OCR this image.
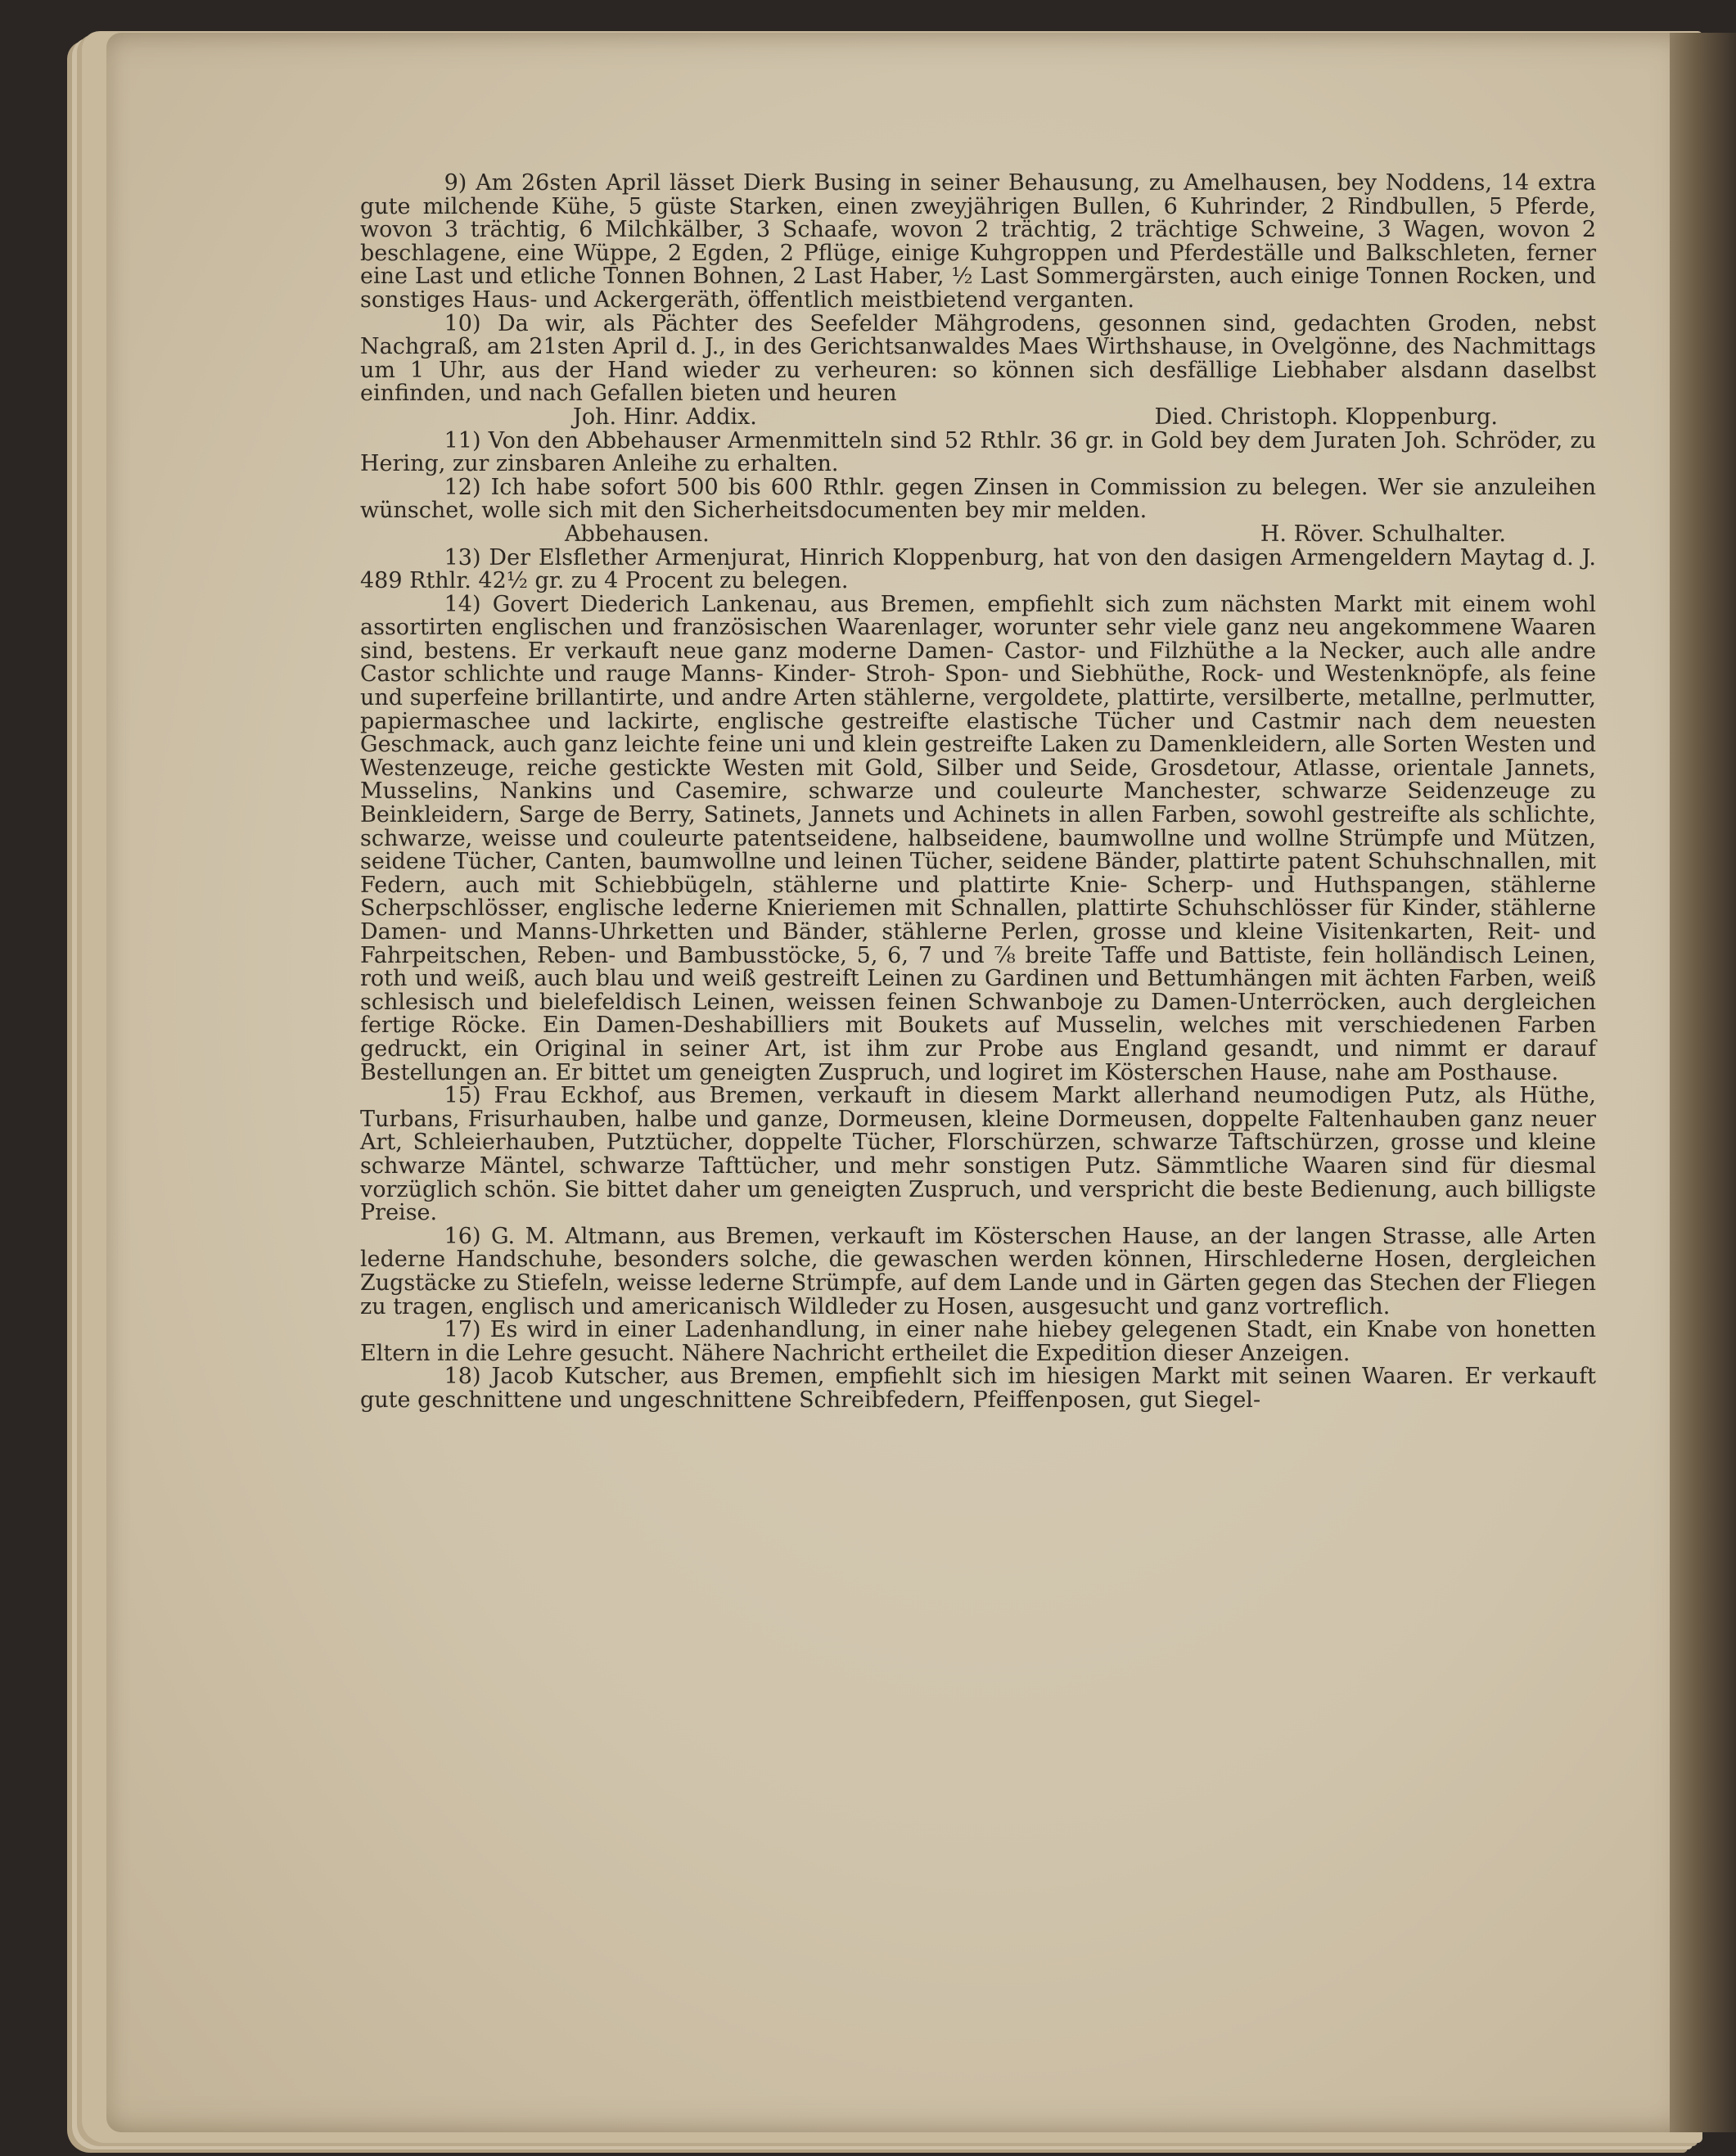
9) Am 26sten April lässet Dierk Busing in seiner Behausung, zu Amelhausen, bey Noddens, 14 extra gute milchende Kühe, 5 güste Starken, einen zweyjährigen Bullen, 6 Kuhrinder, 2 Rindbullen, 5 Pferde, wovon 3 trächtig, 6 Milchkälber, 3 Schaafe, wovon 2 trächtig, 2 trächtige Schweine, 3 Wagen, wovon 2 beschlagene, eine Wüppe, 2 Egden, 2 Pflüge, einige Kuhgroppen und Pferdeställe und Balkschleten, ferner eine Last und etliche Tonnen Bohnen, 2 Last Haber, ½ Last Sommergärsten, auch einige Tonnen Rocken, und sonstiges Haus- und Ackergeräth, öffentlich meistbietend verganten.

10) Da wir, als Pächter des Seefelder Mähgrodens, gesonnen sind, gedachten Groden, nebst Nachgraß, am 21sten April d. J., in des Gerichtsanwaldes Maes Wirthshause, in Ovelgönne, des Nachmittags um 1 Uhr, aus der Hand wieder zu verheuren: so können sich desfällige Liebhaber alsdann daselbst einfinden, und nach Gefallen bieten und heuren

Joh. Hinr. Addix.	Died. Christoph. Kloppenburg.

11) Von den Abbehauser Armenmitteln sind 52 Rthlr. 36 gr. in Gold bey dem Juraten Joh. Schröder, zu Hering, zur zinsbaren Anleihe zu erhalten.

12) Ich habe sofort 500 bis 600 Rthlr. gegen Zinsen in Commission zu belegen. Wer sie anzuleihen wünschet, wolle sich mit den Sicherheitsdocumenten bey mir melden.

Abbehausen.	H. Röver. Schulhalter.

13) Der Elsflether Armenjurat, Hinrich Kloppenburg, hat von den dasigen Armengeldern Maytag d. J. 489 Rthlr. 42½ gr. zu 4 Procent zu belegen.

14) Govert Diederich Lankenau, aus Bremen, empfiehlt sich zum nächsten Markt mit einem wohl assortirten englischen und französischen Waarenlager, worunter sehr viele ganz neu angekommene Waaren sind, bestens. Er verkauft neue ganz moderne Damen- Castor- und Filzhüthe a la Necker, auch alle andre Castor schlichte und rauge Manns- Kinder- Stroh- Spon- und Siebhüthe, Rock- und Westenknöpfe, als feine und superfeine brillantirte, und andre Arten stählerne, vergoldete, plattirte, versilberte, metallne, perlmutter, papiermaschee und lackirte, englische gestreifte elastische Tücher und Castmir nach dem neuesten Geschmack, auch ganz leichte feine uni und klein gestreifte Laken zu Damenkleidern, alle Sorten Westen und Westenzeuge, reiche gestickte Westen mit Gold, Silber und Seide, Grosdetour, Atlasse, orientale Jannets, Musselins, Nankins und Casemire, schwarze und couleurte Manchester, schwarze Seidenzeuge zu Beinkleidern, Sarge de Berry, Satinets, Jannets und Achinets in allen Farben, sowohl gestreifte als schlichte, schwarze, weisse und couleurte patentseidene, halbseidene, baumwollne und wollne Strümpfe und Mützen, seidene Tücher, Canten, baumwollne und leinen Tücher, seidene Bänder, plattirte patent Schuhschnallen, mit Federn, auch mit Schiebbügeln, stählerne und plattirte Knie- Scherp- und Huthspangen, stählerne Scherpschlösser, englische lederne Knieriemen mit Schnallen, plattirte Schuhschlösser für Kinder, stählerne Damen- und Manns-Uhrketten und Bänder, stählerne Perlen, grosse und kleine Visitenkarten, Reit- und Fahrpeitschen, Reben- und Bambusstöcke, 5, 6, 7 und ⅞ breite Taffe und Battiste, fein holländisch Leinen, roth und weiß, auch blau und weiß gestreift Leinen zu Gardinen und Bettumhängen mit ächten Farben, weiß schlesisch und bielefeldisch Leinen, weissen feinen Schwanboje zu Damen-Unterröcken, auch dergleichen fertige Röcke. Ein Damen-Deshabilliers mit Boukets auf Musselin, welches mit verschiedenen Farben gedruckt, ein Original in seiner Art, ist ihm zur Probe aus England gesandt, und nimmt er darauf Bestellungen an. Er bittet um geneigten Zuspruch, und logiret im Kösterschen Hause, nahe am Posthause.

15) Frau Eckhof, aus Bremen, verkauft in diesem Markt allerhand neumodigen Putz, als Hüthe, Turbans, Frisurhauben, halbe und ganze, Dormeusen, kleine Dormeusen, doppelte Faltenhauben ganz neuer Art, Schleierhauben, Putztücher, doppelte Tücher, Florschürzen, schwarze Taftschürzen, grosse und kleine schwarze Mäntel, schwarze Tafttücher, und mehr sonstigen Putz. Sämmtliche Waaren sind für diesmal vorzüglich schön. Sie bittet daher um geneigten Zuspruch, und verspricht die beste Bedienung, auch billigste Preise.

16) G. M. Altmann, aus Bremen, verkauft im Kösterschen Hause, an der langen Strasse, alle Arten lederne Handschuhe, besonders solche, die gewaschen werden können, Hirschlederne Hosen, dergleichen Zugstäcke zu Stiefeln, weisse lederne Strümpfe, auf dem Lande und in Gärten gegen das Stechen der Fliegen zu tragen, englisch und americanisch Wildleder zu Hosen, ausgesucht und ganz vortreflich.

17) Es wird in einer Ladenhandlung, in einer nahe hiebey gelegenen Stadt, ein Knabe von honetten Eltern in die Lehre gesucht. Nähere Nachricht ertheilet die Expedition dieser Anzeigen.

18) Jacob Kutscher, aus Bremen, empfiehlt sich im hiesigen Markt mit seinen Waaren. Er verkauft gute geschnittene und ungeschnittene Schreibfedern, Pfeiffenposen, gut Siegel-
